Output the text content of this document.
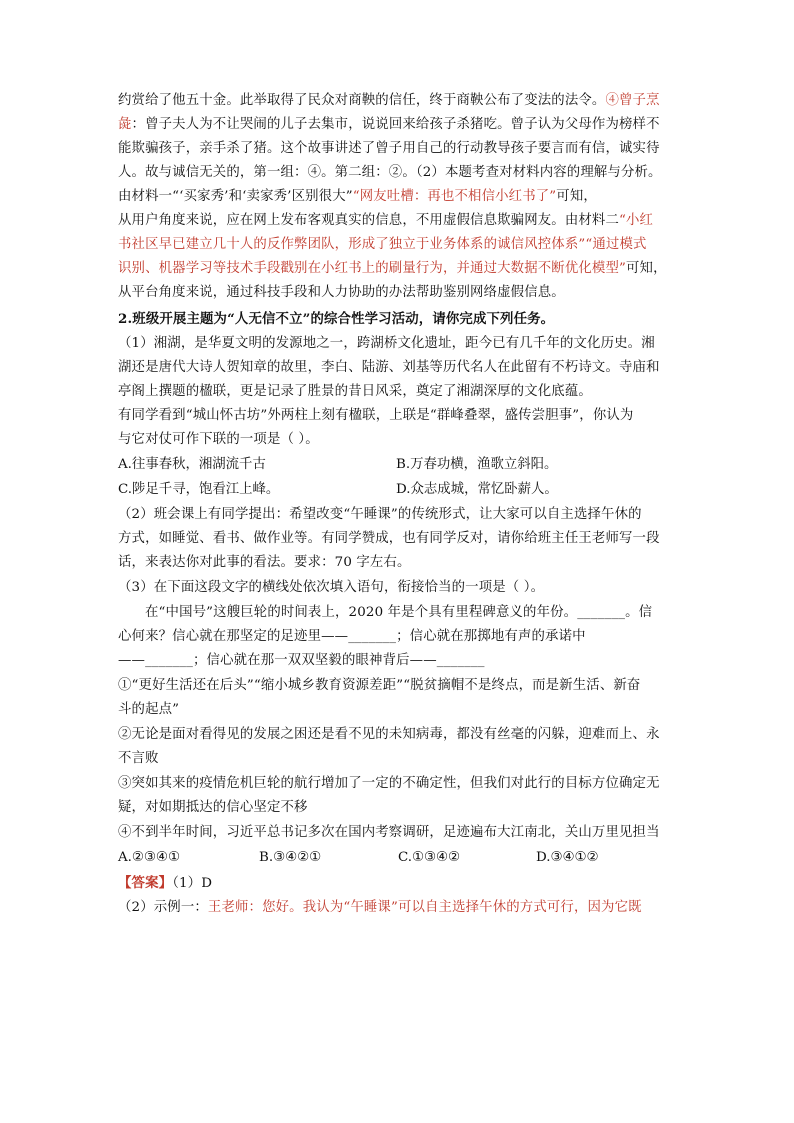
约赏给了他五十金。此举取得了民众对商鞅的信任，终于商鞅公布了变法的法令。④曾子烹
彘：曾子夫人为不让哭闹的儿子去集市，说说回来给孩子杀猪吃。曾子认为父母作为榜样不
能欺骗孩子，亲手杀了猪。这个故事讲述了曾子用自己的行动教导孩子要言而有信，诚实待
人。故与诚信无关的，第一组：④。第二组：②。（2）本题考查对材料内容的理解与分析。
由材料一“‘买家秀’和‘卖家秀’区别很大”“网友吐槽：再也不相信小红书了”可知，
从用户角度来说，应在网上发布客观真实的信息，不用虚假信息欺骗网友。由材料二“小红
书社区早已建立几十人的反作弊团队，形成了独立于业务体系的诚信风控体系”“通过模式
识别、机器学习等技术手段戳别在小红书上的刷量行为，并通过大数据不断优化模型”可知，
从平台角度来说，通过科技手段和人力协助的办法帮助鉴别网络虚假信息。
2.班级开展主题为“人无信不立”的综合性学习活动，请你完成下列任务。
（1）湘湖，是华夏文明的发源地之一，跨湖桥文化遗址，距今已有几千年的文化历史。湘
湖还是唐代大诗人贺知章的故里，李白、陆游、刘基等历代名人在此留有不朽诗文。寺庙和
亭阁上撰题的楹联，更是记录了胜景的昔日风采，奠定了湘湖深厚的文化底蕴。
有同学看到“城山怀古坊”外两柱上刻有楹联，上联是“群峰叠翠，盛传尝胆事”，你认为
与它对仗可作下联的一项是（ ）。
A.往事春秋，湘湖流千古	B.万春功横，渔歌立斜阳。
C.陟足千寻，饱看江上峰。	D.众志成城，常忆卧薪人。
（2）班会课上有同学提出：希望改变“午睡课”的传统形式，让大家可以自主选择午休的
方式，如睡觉、看书、做作业等。有同学赞成，也有同学反对，请你给班主任王老师写一段
话，来表达你对此事的看法。要求：70 字左右。
（3）在下面这段文字的横线处依次填入语句，衔接恰当的一项是（ ）。
在“中国号”这艘巨轮的时间表上，2020 年是个具有里程碑意义的年份。_______。信
心何来？信心就在那坚定的足迹里——_______；信心就在那掷地有声的承诺中
——_______；信心就在那一双双坚毅的眼神背后——_______
①“更好生活还在后头”“缩小城乡教育资源差距”“脱贫摘帽不是终点，而是新生活、新奋
斗的起点”
②无论是面对看得见的发展之困还是看不见的未知病毒，都没有丝毫的闪躲，迎难而上、永
不言败
③突如其来的疫情危机巨轮的航行增加了一定的不确定性，但我们对此行的目标方位确定无
疑，对如期抵达的信心坚定不移
④不到半年时间，习近平总书记多次在国内考察调研，足迹遍布大江南北，关山万里见担当
A.②③④①	B.③④②①	C.①③④②	D.③④①②
【答案】（1）D
（2）示例一：王老师：您好。我认为“午睡课”可以自主选择午休的方式可行，因为它既
